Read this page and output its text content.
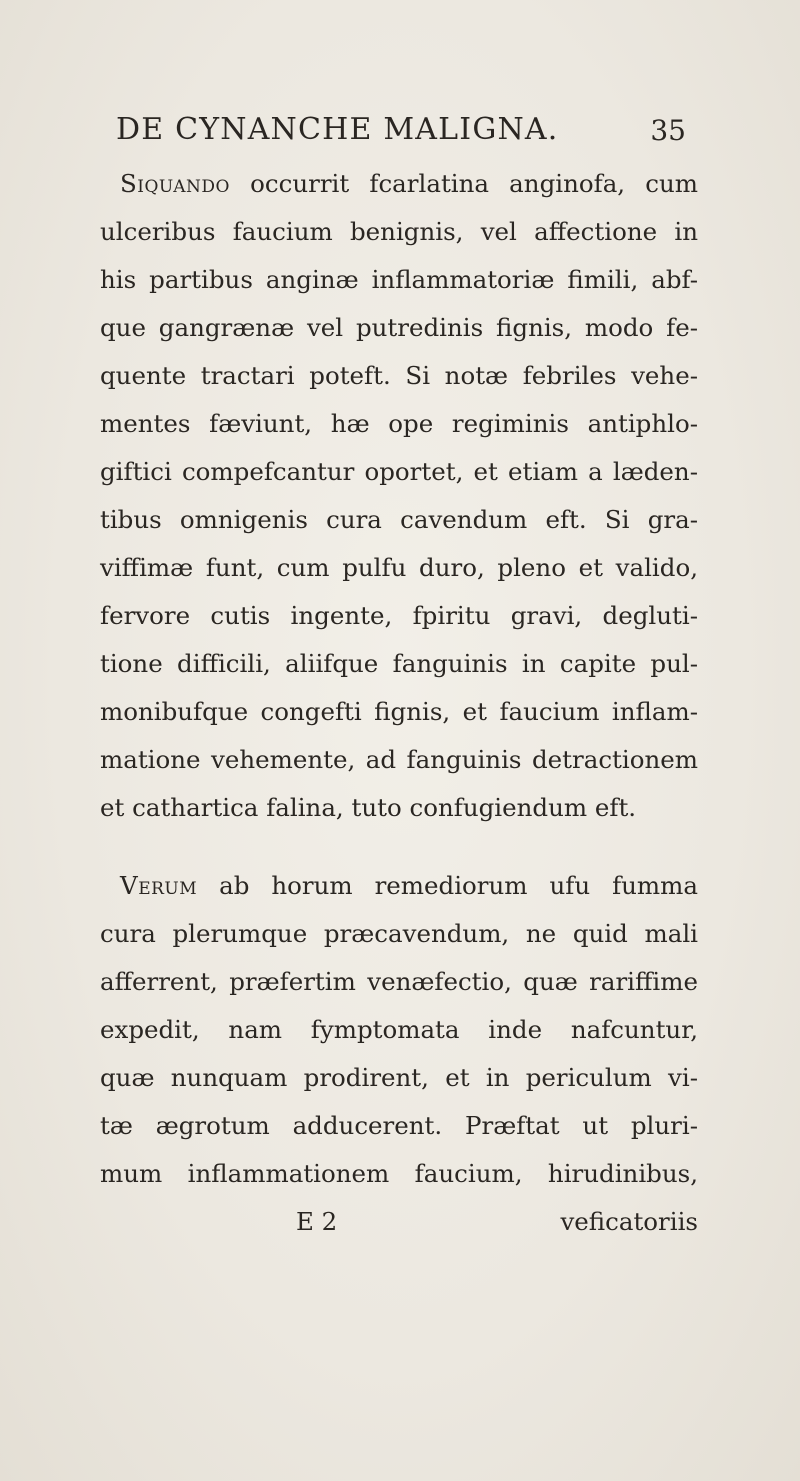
DE CYNANCHE MALIGNA.	35
Siquando occurrit fcarlatina anginofa, cum
ulceribus faucium benignis, vel affectione in
his partibus anginæ inflammatoriæ fimili, abf-
que gangrænæ vel putredinis fignis, modo fe-
quente tractari poteft. Si notæ febriles vehe-
mentes fæviunt, hæ ope regiminis antiphlo-
giftici compefcantur oportet, et etiam a læden-
tibus omnigenis cura cavendum eft. Si gra-
viffimæ funt, cum pulfu duro, pleno et valido,
fervore cutis ingente, fpiritu gravi, degluti-
tione difficili, aliifque fanguinis in capite pul-
monibufque congefti fignis, et faucium inflam-
matione vehemente, ad fanguinis detractionem
et cathartica falina, tuto confugiendum eft.
Verum ab horum remediorum ufu fumma
cura plerumque præcavendum, ne quid mali
afferrent, præfertim venæfectio, quæ rariffime
expedit, nam fymptomata inde nafcuntur,
quæ nunquam prodirent, et in periculum vi-
tæ ægrotum adducerent. Præftat ut pluri-
mum inflammationem faucium, hirudinibus,
E 2	veficatoriis
